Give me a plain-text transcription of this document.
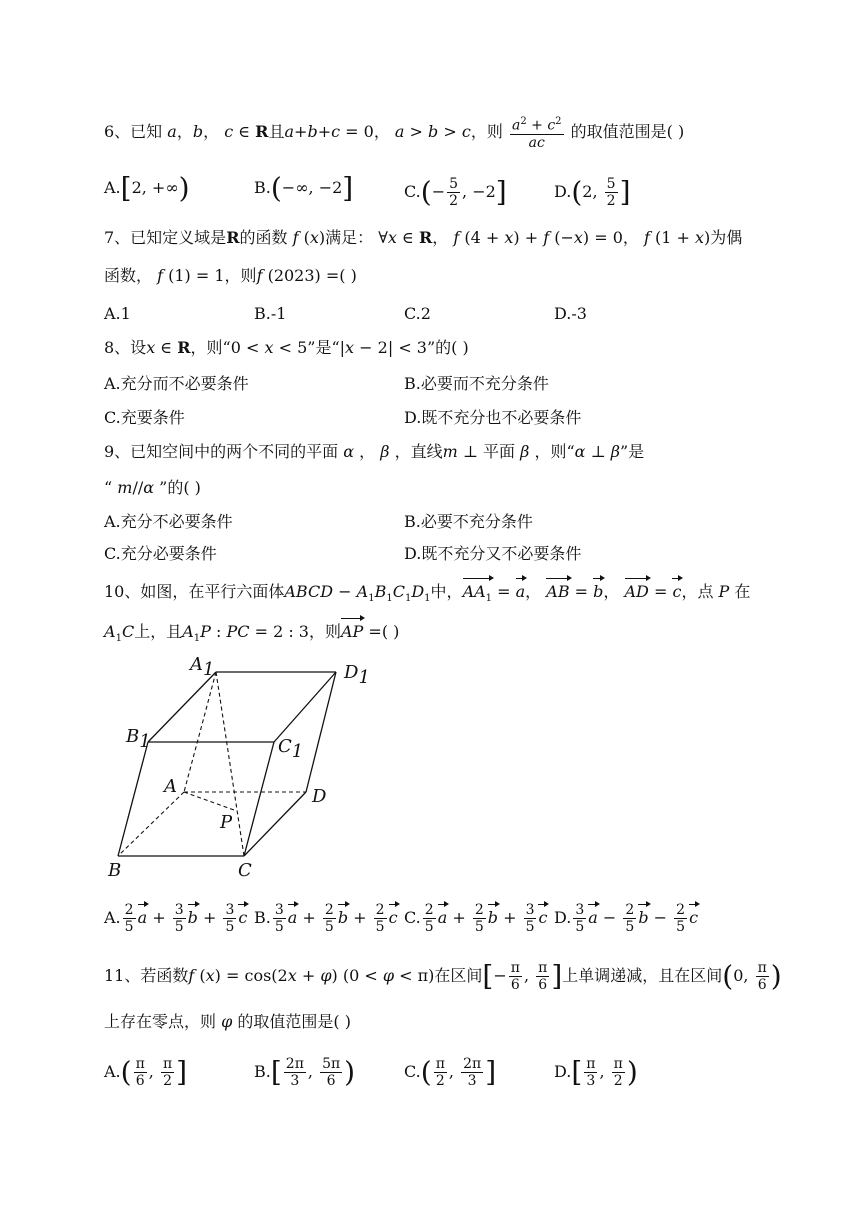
6、已知 a，b， c ∈ R且a+b+c = 0， a > b > c，则 $\frac{a^2 + c^2}{ac}$ 的取值范围是( )
A.[2, +∞)	B.(−∞, −2]	$C.(- \frac{5}{2}$ , −2]	D.(2, $\frac{5}{2}$ ]
7、已知定义域是R的函数 f (x)满足： ∀x ∈ R， f (4 + x) + f (−x) = 0， f (1 + x)为偶
函数， f (1) = 1，则f (2023) =( )
A.1	B.-1	C.2	D.-3
8、设x ∈ R，则“0 < x < 5”是“|x − 2| < 3”的( )
A.充分而不必要条件	B.必要而不充分条件
C.充要条件	D.既不充分也不必要条件
9、已知空间中的两个不同的平面 α ， β ，直线m ⊥ 平面 β ，则“α ⊥ β”是
“ m//α ”的( )
A.充分不必要条件	B.必要不充分条件
C.充分必要条件	D.既不充分又不必要条件
10、如图，在平行六面体ABCD − $A_1B_1C_1D_1$中，$AA_1 = a$， AB = b， AD = c，点 P 在
$A_1C$上，且$A_1P$ : PC = 2 : 3，则AP =( )
A1	D1
B1	C1
A	D
P
B	C
A. $\frac{2}{5}$ $a + \frac{3}{5}$ $b + \frac{3}{5}$ c B. $\frac{3}{5}$ $a + \frac{2}{5}$ $b + \frac{2}{5}$ c C. $\frac{2}{5}$ $a + \frac{2}{5}$ $b + \frac{3}{5}$ c D. $\frac{3}{5}$ $a - \frac{2}{5}$ $b - \frac{2}{5}$ c
11、若函数f (x) = cos(2x + φ) (0 < φ < π)在区间[− $\frac{\pi}{6}$ , $\frac{\pi}{6}$ ]上单调递减，且在区间(0, $\frac{\pi}{6}$ )
上存在零点，则 φ 的取值范围是( )
$A.( \frac{\pi}{6}$ , $\frac{\pi}{2}$ ]	$B.[ \frac{2\pi}{3}$ , $\frac{5\pi}{6}$ )	$C.( \frac{\pi}{2}$ , $\frac{2\pi}{3}$ ]	$D.[ \frac{\pi}{3}$ , $\frac{\pi}{2}$ )
